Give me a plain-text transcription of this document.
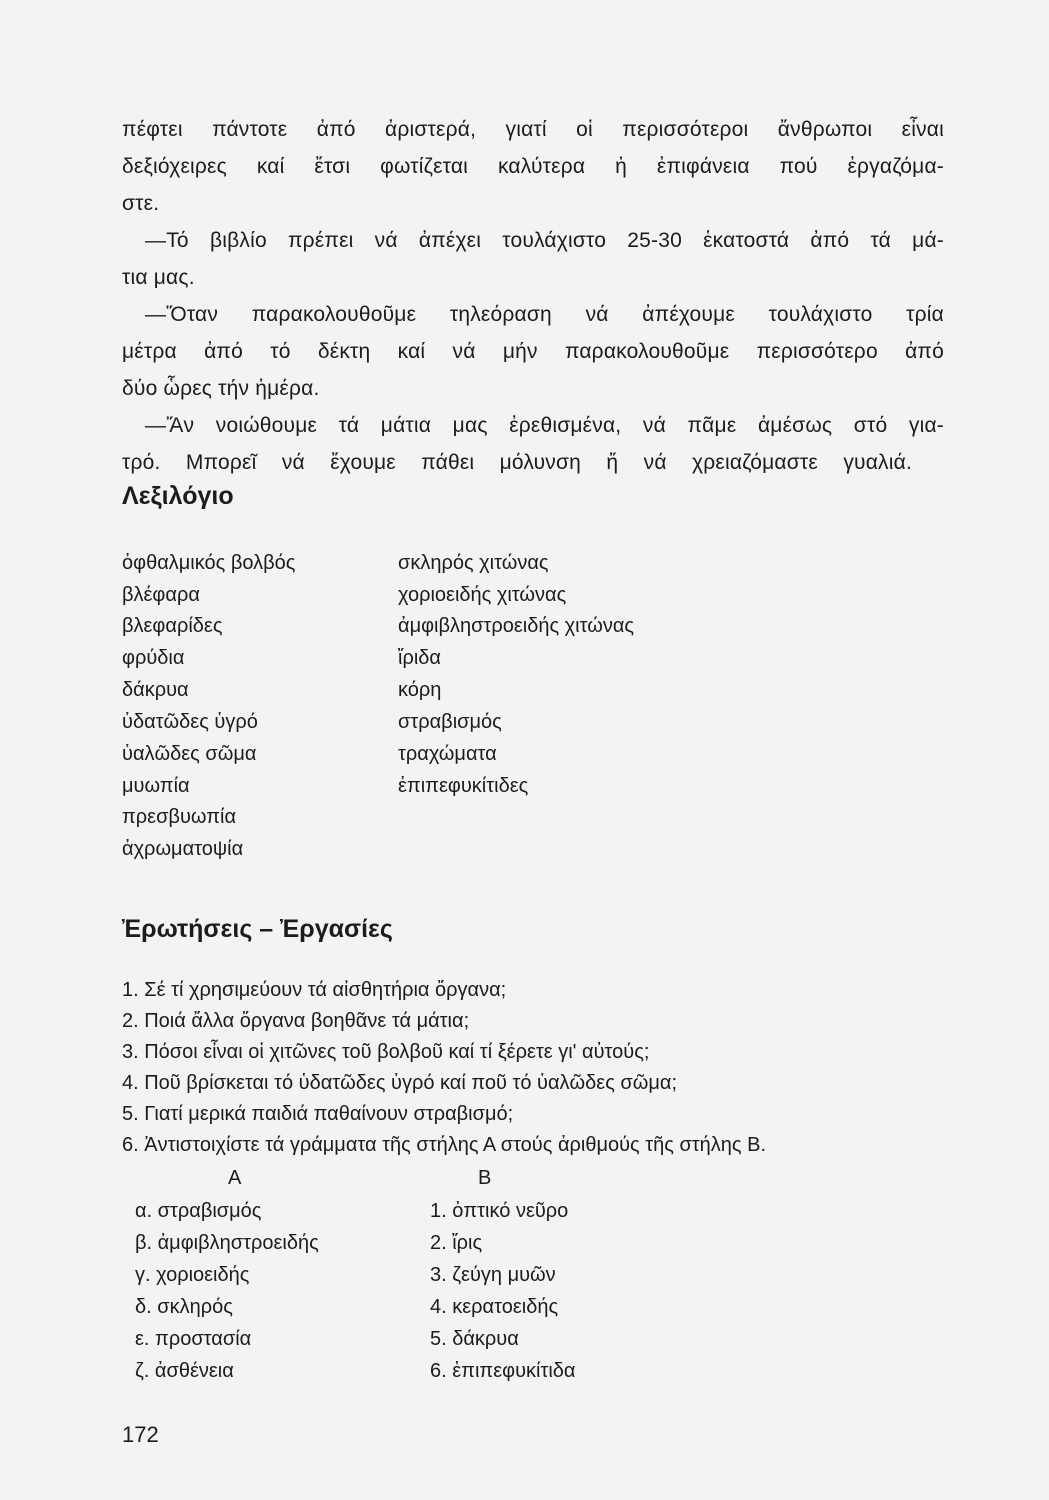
πέφτει πάντοτε ἀπό ἀριστερά, γιατί οἱ περισσότεροι ἄνθρωποι εἶναι
δεξιόχειρες καί ἔτσι φωτίζεται καλύτερα ἡ ἐπιφάνεια πού ἐργαζόμα-
στε.
—Τό βιβλίο πρέπει νά ἀπέχει τουλάχιστο 25-30 ἑκατοστά ἀπό τά μά-
τια μας.
—Ὅταν παρακολουθοῦμε τηλεόραση νά ἀπέχουμε τουλάχιστο τρία
μέτρα ἀπό τό δέκτη καί νά μήν παρακολουθοῦμε περισσότερο ἀπό
δύο ὧρες τήν ἡμέρα.
—Ἄν νοιώθουμε τά μάτια μας ἐρεθισμένα, νά πᾶμε ἀμέσως στό για-
τρό. Μπορεῖ νά ἔχουμε πάθει μόλυνση ἤ νά χρειαζόμαστε γυαλιά.
Λεξιλόγιο
ὀφθαλμικός βολβός
βλέφαρα
βλεφαρίδες
φρύδια
δάκρυα
ὑδατῶδες ὑγρό
ὑαλῶδες σῶμα
μυωπία
πρεσβυωπία
ἀχρωματοψία
σκληρός χιτώνας
χοριοειδής χιτώνας
ἀμφιβληστροειδής χιτώνας
ἴριδα
κόρη
στραβισμός
τραχώματα
ἐπιπεφυκίτιδες
Ἐρωτήσεις – Ἐργασίες
1. Σέ τί χρησιμεύουν τά αἰσθητήρια ὄργανα;
2. Ποιά ἄλλα ὄργανα βοηθᾶνε τά μάτια;
3. Πόσοι εἶναι οἱ χιτῶνες τοῦ βολβοῦ καί τί ξέρετε γι' αὐτούς;
4. Ποῦ βρίσκεται τό ὑδατῶδες ὑγρό καί ποῦ τό ὑαλῶδες σῶμα;
5. Γιατί μερικά παιδιά παθαίνουν στραβισμό;
6. Ἀντιστοιχίστε τά γράμματα τῆς στήλης Α στούς ἀριθμούς τῆς στήλης Β.
Α	Β
α. στραβισμός
β. ἀμφιβληστροειδής
γ. χοριοειδής
δ. σκληρός
ε. προστασία
ζ. ἀσθένεια
1. ὀπτικό νεῦρο
2. ἴρις
3. ζεύγη μυῶν
4. κερατοειδής
5. δάκρυα
6. ἐπιπεφυκίτιδα
172
